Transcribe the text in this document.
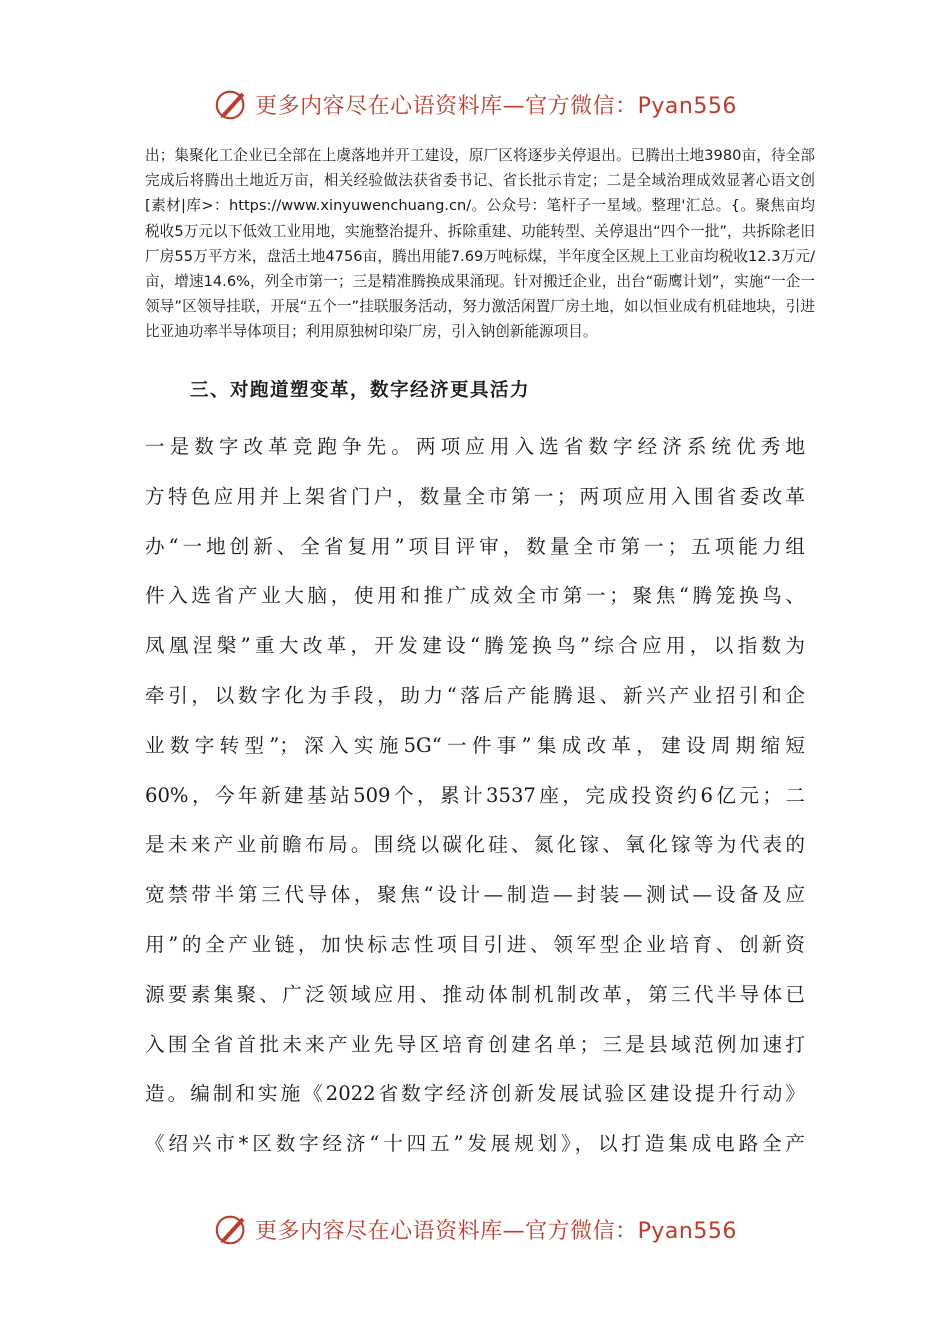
更多内容尽在心语资料库—官方微信：Pyan556

出；集聚化工企业已全部在上虞落地并开工建设，原厂区将逐步关停退出。已腾出土地3980亩，待全部完成后将腾出土地近万亩，相关经验做法获省委书记、省长批示肯定；二是全域治理成效显著心语文创[素材|库>：https://www.xinyuwenchuang.cn/。公众号：笔杆子一星域。整理'汇总。{。聚焦亩均税收5万元以下低效工业用地，实施整治提升、拆除重建、功能转型、关停退出“四个一批”，共拆除老旧厂房55万平方米，盘活土地4756亩，腾出用能7.69万吨标煤，半年度全区规上工业亩均税收12.3万元/亩，增速14.6%，列全市第一；三是精准腾换成果涌现。针对搬迁企业，出台“砺鹰计划”，实施“一企一领导”区领导挂联，开展“五个一”挂联服务活动，努力激活闲置厂房土地，如以恒业成有机硅地块，引进比亚迪功率半导体项目；利用原独树印染厂房，引入钠创新能源项目。

三、对跑道塑变革，数字经济更具活力
一是数字改革竞跑争先。两项应用入选省数字经济系统优秀地
方特色应用并上架省门户，数量全市第一；两项应用入围省委改革
办“一地创新、全省复用”项目评审，数量全市第一；五项能力组
件入选省产业大脑，使用和推广成效全市第一；聚焦“腾笼换鸟、
凤凰涅槃”重大改革，开发建设“腾笼换鸟”综合应用，以指数为
牵引，以数字化为手段，助力“落后产能腾退、新兴产业招引和企
业数字转型”；深入实施5G“一件事”集成改革，建设周期缩短
60%，今年新建基站509个，累计3537座，完成投资约6亿元；二
是未来产业前瞻布局。围绕以碳化硅、氮化镓、氧化镓等为代表的
宽禁带半第三代导体，聚焦“设计—制造—封装—测试—设备及应
用”的全产业链，加快标志性项目引进、领军型企业培育、创新资
源要素集聚、广泛领域应用、推动体制机制改革，第三代半导体已
入围全省首批未来产业先导区培育创建名单；三是县域范例加速打
造。编制和实施《2022省数字经济创新发展试验区建设提升行动》
《绍兴市*区数字经济“十四五”发展规划》，以打造集成电路全产
更多内容尽在心语资料库—官方微信：Pyan556
